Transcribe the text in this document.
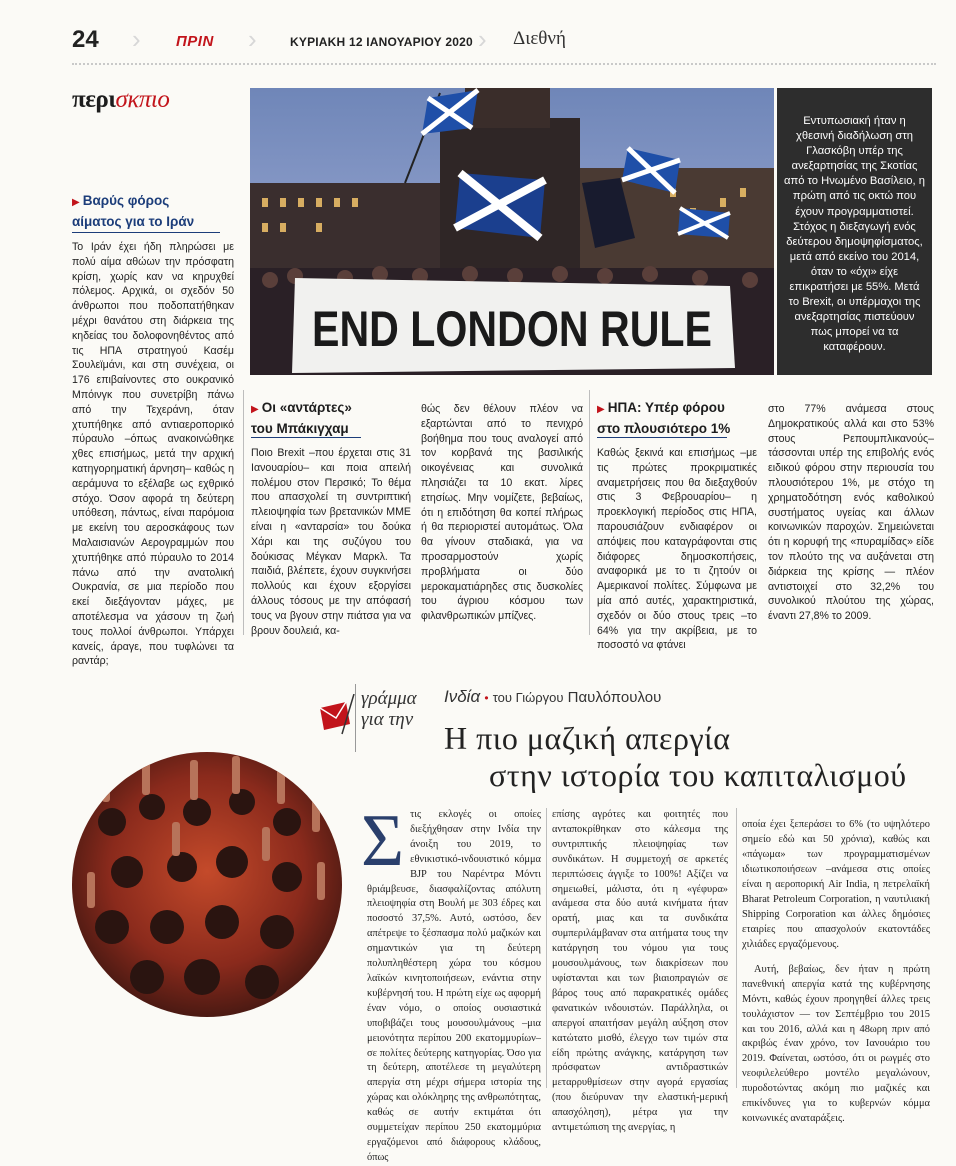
24 › ΠΡΙΝ ›	ΚΥΡΙΑΚΗ 12 ΙΑΝΟΥΑΡΙΟΥ 2020 › Διεθνή
περισκπιο
END LONDON RULE
Εντυπωσιακή ήταν η χθεσινή διαδήλωση στη Γλασκόβη υπέρ της ανεξαρτησίας της Σκοτίας από το Ηνωμένο Βασίλειο, η πρώτη από τις οκτώ που έχουν προγραμματιστεί. Στόχος η διεξαγωγή ενός δεύτερου δημοψηφίσματος, μετά από εκείνο του 2014, όταν το «όχι» είχε επικρατήσει με 55%. Μετά το Brexit, οι υπέρμαχοι της ανεξαρτησίας πιστεύουν πως μπορεί να τα καταφέρουν.
▶ Βαρύς φόρος αίματος για το Ιράν
Το Ιράν έχει ήδη πληρώσει με πολύ αίμα αθώων την πρόσφατη κρίση, χωρίς καν να κηρυχθεί πόλεμος. Αρχικά, οι σχεδόν 50 άνθρωποι που ποδοπατήθηκαν μέχρι θανάτου στη διάρκεια της κηδείας του δολοφονηθέντος από τις ΗΠΑ στρατηγού Κασέμ Σουλεϊμάνι, και στη συνέχεια, οι 176 επιβαίνοντες στο ουκρανικό Μπόινγκ που συνετρίβη πάνω από την Τεχεράνη, όταν χτυπήθηκε από αντιαεροπορικό πύραυλο –όπως ανακοινώθηκε χθες επισήμως, μετά την αρχική κατηγορηματική άρνηση– καθώς η αεράμυνα το εξέλαβε ως εχθρικό στόχο. Όσον αφορά τη δεύτερη υπόθεση, πάντως, είναι παρόμοια με εκείνη του αεροσκάφους των Μαλαισιανών Αερογραμμών που χτυπήθηκε από πύραυλο το 2014 πάνω από την ανατολική Ουκρανία, σε μια περίοδο που εκεί διεξάγονταν μάχες, με αποτέλεσμα να χάσουν τη ζωή τους πολλοί άνθρωποι. Υπάρχει κανείς, άραγε, που τυφλώνει τα ραντάρ;
▶ Οι «αντάρτες»
του Μπάκιγχαμ
Ποιο Brexit –που έρχεται στις 31 Ιανουαρίου– και ποια απειλή πολέμου στον Περσικό; Το θέμα που απασχολεί τη συντριπτική πλειοψηφία των βρετανικών ΜΜΕ είναι η «ανταρσία» του δούκα Χάρι και της συζύγου του δούκισας Μέγκαν Μαρκλ. Τα παιδιά, βλέπετε, έχουν συγκινήσει πολλούς και έχουν εξοργίσει άλλους τόσους με την απόφασή τους να βγουν στην πιάτσα για να βρουν δουλειά, κα-
θώς δεν θέλουν πλέον να εξαρτώνται από το πενιχρό βοήθημα που τους αναλογεί από τον κορβανά της βασιλικής οικογένειας και συνολικά πλησιάζει τα 10 εκατ. λίρες ετησίως. Μην νομίζετε, βεβαίως, ότι η επιδότηση θα κοπεί πλήρως ή θα περιοριστεί αυτομάτως. Όλα θα γίνουν σταδιακά, για να προσαρμοστούν χωρίς προβλήματα οι δύο μεροκαματιάρηδες στις δυσκολίες του άγριου κόσμου των φιλανθρωπικών μπίζνες.
▶ ΗΠΑ: Υπέρ φόρου
στο πλουσιότερο 1%
Καθώς ξεκινά και επισήμως –με τις πρώτες προκριματικές αναμετρήσεις που θα διεξαχθούν στις 3 Φεβρουαρίου– η προεκλογική περίοδος στις ΗΠΑ, παρουσιάζουν ενδιαφέρον οι απόψεις που καταγράφονται στις διάφορες δημοσκοπήσεις, αναφορικά με το τι ζητούν οι Αμερικανοί πολίτες. Σύμφωνα με μία από αυτές, χαρακτηριστικά, σχεδόν οι δύο στους τρεις –το 64% για την ακρίβεια, με το ποσοστό να φτάνει
στο 77% ανάμεσα στους Δημοκρατικούς αλλά και στο 53% στους Ρεπουμπλικανούς– τάσσονται υπέρ της επιβολής ενός ειδικού φόρου στην περιουσία του πλουσιότερου 1%, με στόχο τη χρηματοδότηση ενός καθολικού συστήματος υγείας και άλλων κοινωνικών παροχών. Σημειώνεται ότι η κορυφή της «πυραμίδας» είδε τον πλούτο της να αυξάνεται στη διάρκεια της κρίσης — πλέον αντιστοιχεί στο 32,2% του συνολικού πλούτου της χώρας, έναντι 27,8% το 2009.
γράμμα
για την
Ινδία • του Γιώργου Παυλόπουλου
Η πιο μαζική απεργία
στην ιστορία του καπιταλισμού
Στις εκλογές οι οποίες διεξήχθησαν στην Ινδία την άνοιξη του 2019, το εθνικιστικό-ινδουιστικό κόμμα BJP του Ναρέντρα Μόντι θριάμβευσε, διασφαλίζοντας απόλυτη πλειοψηφία στη Βουλή με 303 έδρες και ποσοστό 37,5%. Αυτό, ωστόσο, δεν απέτρεψε το ξέσπασμα πολύ μαζικών και σημαντικών για τη δεύτερη πολυπληθέστερη χώρα του κόσμου λαϊκών κινητοποιήσεων, ενάντια στην κυβέρνησή του. Η πρώτη είχε ως αφορμή έναν νόμο, ο οποίος ουσιαστικά υποβιβάζει τους μουσουλμάνους –μια μειονότητα περίπου 200 εκατομμυρίων– σε πολίτες δεύτερης κατηγορίας. Όσο για τη δεύτερη, αποτέλεσε τη μεγαλύτερη απεργία στη μέχρι σήμερα ιστορία της χώρας και ολόκληρης της ανθρωπότητας, καθώς σε αυτήν εκτιμάται ότι συμμετείχαν περίπου 250 εκατομμύρια εργαζόμενοι από διάφορους κλάδους, όπως
επίσης αγρότες και φοιτητές που ανταποκρίθηκαν στο κάλεσμα της συντριπτικής πλειοψηφίας των συνδικάτων. Η συμμετοχή σε αρκετές περιπτώσεις άγγιξε το 100%! Αξίζει να σημειωθεί, μάλιστα, ότι η «γέφυρα» ανάμεσα στα δύο αυτά κινήματα ήταν ορατή, μιας και τα συνδικάτα συμπεριλάμβαναν στα αιτήματα τους την κατάργηση του νόμου για τους μουσουλμάνους, των διακρίσεων που υφίστανται και των βιαιοπραγιών σε βάρος τους από παρακρατικές ομάδες φανατικών ινδουιστών. Παράλληλα, οι απεργοί απαιτήσαν μεγάλη αύξηση στον κατώτατο μισθό, έλεγχο των τιμών στα είδη πρώτης ανάγκης, κατάργηση των πρόσφατων αντιδραστικών μεταρρυθμίσεων στην αγορά εργασίας (που διεύρυναν την ελαστική-μερική απασχόληση), μέτρα για την αντιμετώπιση της ανεργίας, η

οποία έχει ξεπεράσει το 6% (το υψηλότερο σημείο εδώ και 50 χρόνια), καθώς και «πάγωμα» των προγραμματισμένων ιδιωτικοποιήσεων –ανάμεσα στις οποίες είναι η αεροπορική Air India, η πετρελαϊκή Bharat Petroleum Corporation, η ναυτιλιακή Shipping Corporation και άλλες δημόσιες εταιρίες που απασχολούν εκατοντάδες χιλιάδες εργαζόμενους.

Αυτή, βεβαίως, δεν ήταν η πρώτη πανεθνική απεργία κατά της κυβέρνησης Μόντι, καθώς έχουν προηγηθεί άλλες τρεις τουλάχιστον — τον Σεπτέμβριο του 2015 και του 2016, αλλά και η 48ωρη πριν από ακριβώς έναν χρόνο, τον Ιανουάριο του 2019. Φαίνεται, ωστόσο, ότι οι ρωγμές στο νεοφιλελεύθερο μοντέλο μεγαλώνουν, πυροδοτώντας ακόμη πιο μαζικές και επικίνδυνες για το κυβερνών κόμμα κοινωνικές αναταράξεις.
